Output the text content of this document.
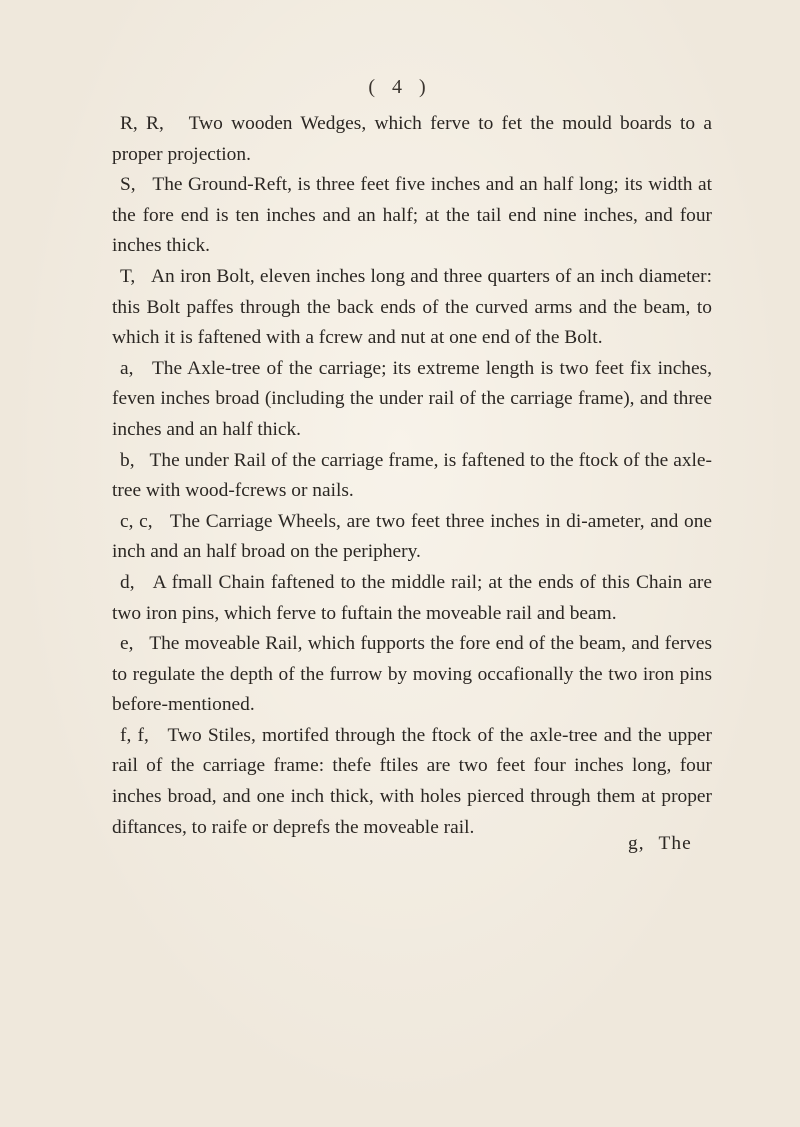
( 4 )

R, R, Two wooden Wedges, which ferve to fet the mould boards to a proper projection.

S, The Ground-Reft, is three feet five inches and an half long; its width at the fore end is ten inches and an half; at the tail end nine inches, and four inches thick.

T, An iron Bolt, eleven inches long and three quarters of an inch diameter: this Bolt paffes through the back ends of the curved arms and the beam, to which it is faftened with a fcrew and nut at one end of the Bolt.

a, The Axle-tree of the carriage; its extreme length is two feet fix inches, feven inches broad (including the under rail of the carriage frame), and three inches and an half thick.

b, The under Rail of the carriage frame, is faftened to the ftock of the axle-tree with wood-fcrews or nails.

c, c, The Carriage Wheels, are two feet three inches in di-ameter, and one inch and an half broad on the periphery.

d, A fmall Chain faftened to the middle rail; at the ends of this Chain are two iron pins, which ferve to fuftain the moveable rail and beam.

e, The moveable Rail, which fupports the fore end of the beam, and ferves to regulate the depth of the furrow by moving occafionally the two iron pins before-mentioned.

f, f, Two Stiles, mortifed through the ftock of the axle-tree and the upper rail of the carriage frame: thefe ftiles are two feet four inches long, four inches broad, and one inch thick, with holes pierced through them at proper diftances, to raife or deprefs the moveable rail.

g, The
